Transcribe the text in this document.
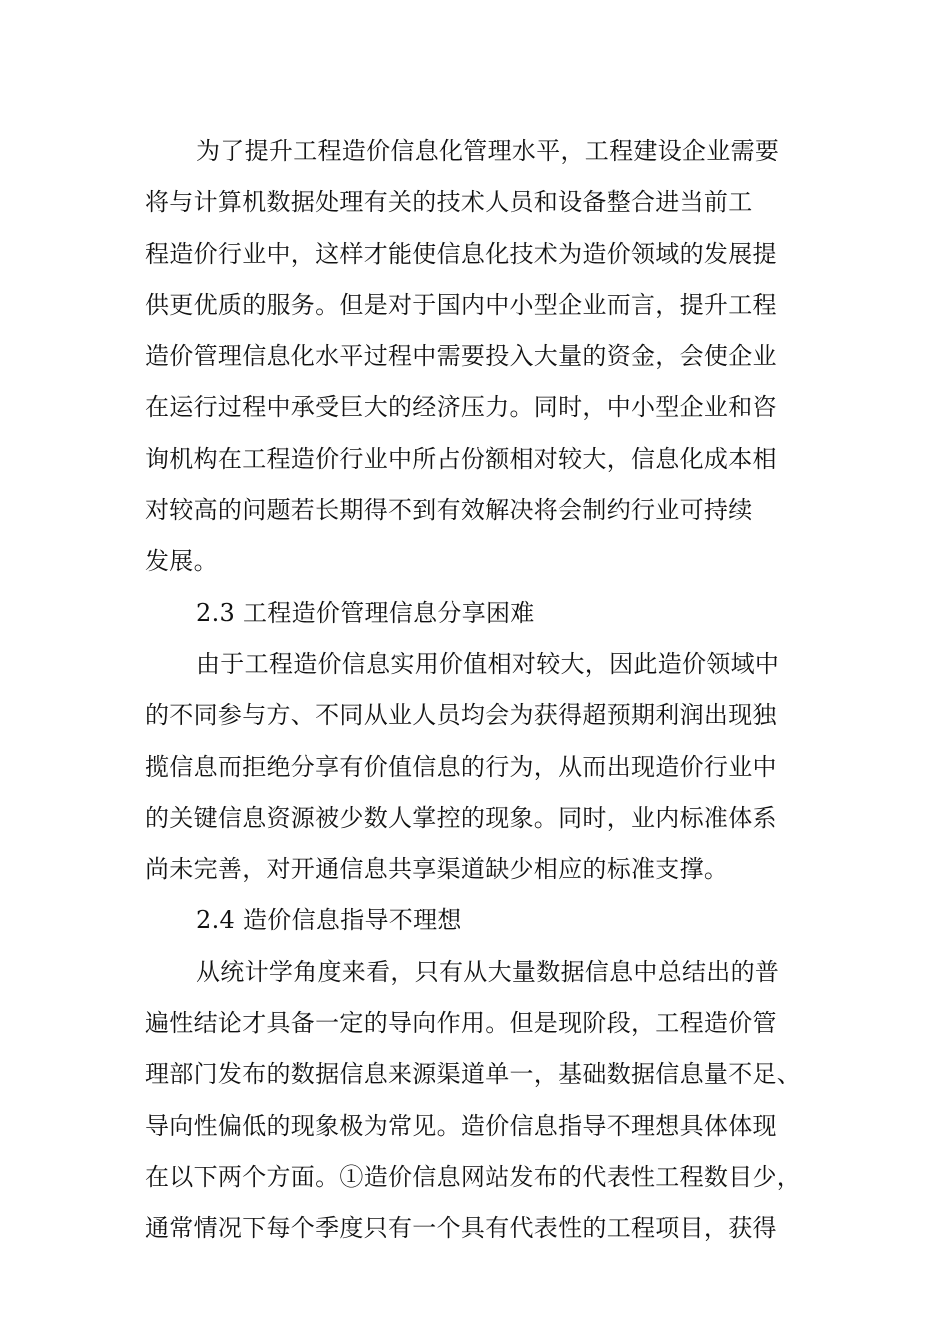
为了提升工程造价信息化管理水平，工程建设企业需要
将与计算机数据处理有关的技术人员和设备整合进当前工
程造价行业中，这样才能使信息化技术为造价领域的发展提
供更优质的服务。但是对于国内中小型企业而言，提升工程
造价管理信息化水平过程中需要投入大量的资金，会使企业
在运行过程中承受巨大的经济压力。同时，中小型企业和咨
询机构在工程造价行业中所占份额相对较大，信息化成本相
对较高的问题若长期得不到有效解决将会制约行业可持续
发展。
2.3 工程造价管理信息分享困难
由于工程造价信息实用价值相对较大，因此造价领域中
的不同参与方、不同从业人员均会为获得超预期利润出现独
揽信息而拒绝分享有价值信息的行为，从而出现造价行业中
的关键信息资源被少数人掌控的现象。同时，业内标准体系
尚未完善，对开通信息共享渠道缺少相应的标准支撑。
2.4 造价信息指导不理想
从统计学角度来看，只有从大量数据信息中总结出的普
遍性结论才具备一定的导向作用。但是现阶段，工程造价管
理部门发布的数据信息来源渠道单一，基础数据信息量不足、
导向性偏低的现象极为常见。造价信息指导不理想具体体现
在以下两个方面。①造价信息网站发布的代表性工程数目少，
通常情况下每个季度只有一个具有代表性的工程项目，获得
